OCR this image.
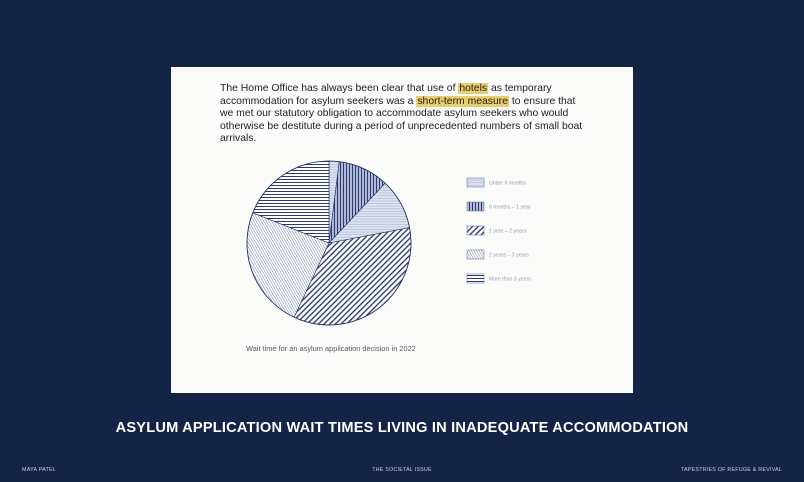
The Home Office has always been clear that use of hotels as temporary accommodation for asylum seekers was a short-term measure to ensure that we met our statutory obligation to accommodate asylum seekers who would otherwise be destitute during a period of unprecedented numbers of small boat arrivals.

Under 6 months
6 months – 1 year
1 year – 2 years
2 years – 3 years
More than 3 years
Wait time for an asylum application decision in 2022
ASYLUM APPLICATION WAIT TIMES LIVING IN INADEQUATE ACCOMMODATION
MAYA PATEL	THE SOCIETAL ISSUE	TAPESTRIES OF REFUGE & REVIVAL
